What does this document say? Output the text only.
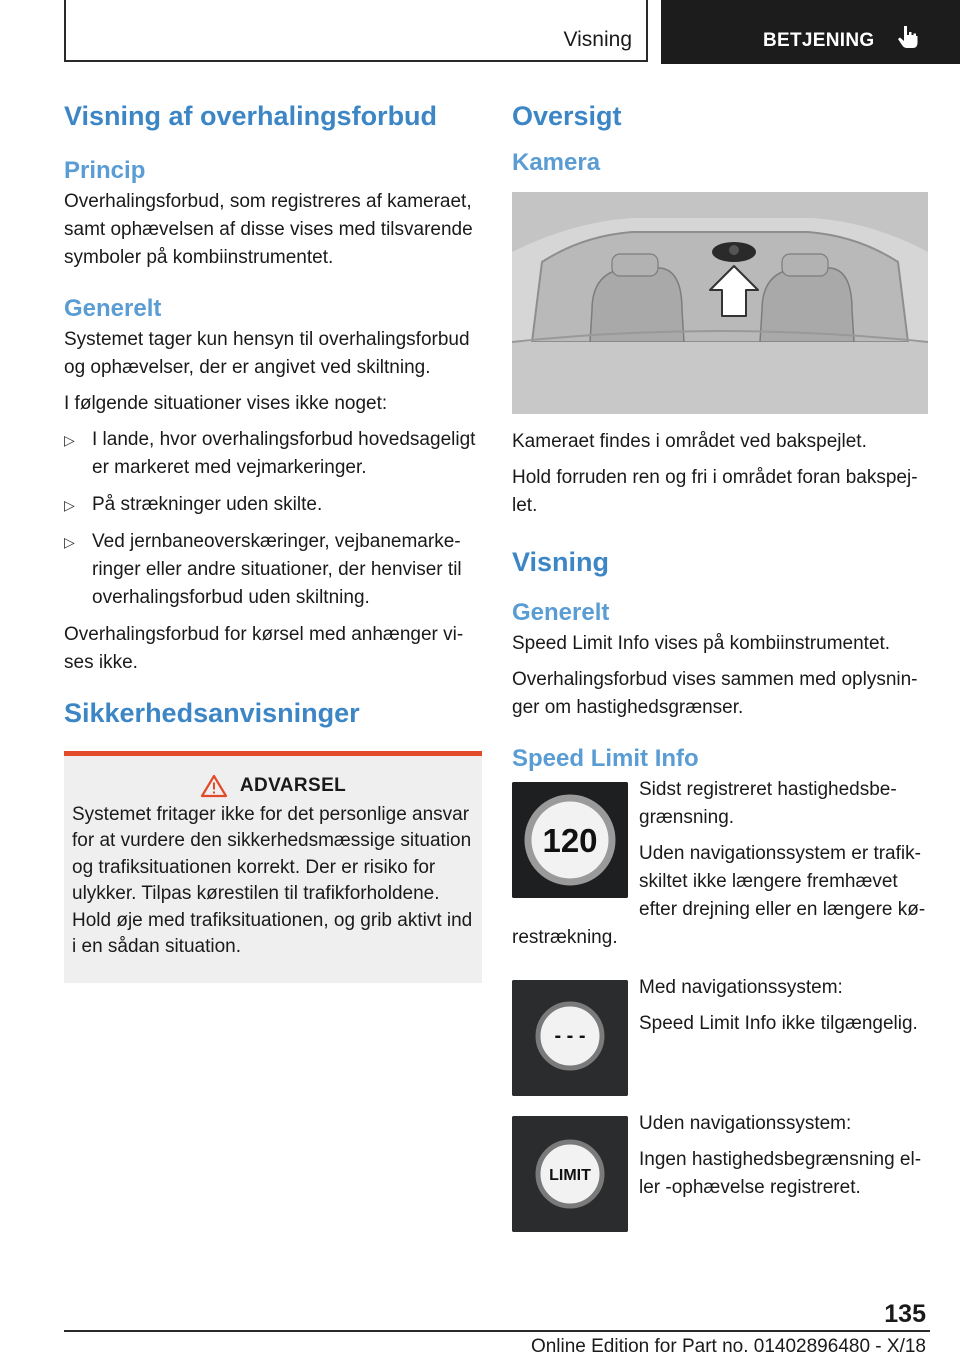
Visning	BETJENING
Visning af overhalingsforbud
Princip

Overhalingsforbud, som registreres af kameraet, samt ophævelsen af disse vises med tilsvarende symboler på kombiinstrumentet.

Generelt

Systemet tager kun hensyn til overhalingsforbud og ophævelser, der er angivet ved skiltning.

I følgende situationer vises ikke noget:

▷ I lande, hvor overhalingsforbud hovedsageligt er markeret med vejmarkeringer.
▷ På strækninger uden skilte.
▷ Ved jernbaneoverskæringer, vejbanemarke-ringer eller andre situationer, der henviser til overhalingsforbud uden skiltning.

Overhalingsforbud for kørsel med anhænger vi-ses ikke.

Sikkerhedsanvisninger
ADVARSEL

Systemet fritager ikke for det personlige ansvar for at vurdere den sikkerhedsmæssige situation og trafiksituationen korrekt. Der er risiko for ulykker. Tilpas kørestilen til trafikforholdene. Hold øje med trafiksituationen, og grib aktivt ind i en sådan situation.

Oversigt
Kamera

Kameraet findes i området ved bakspejlet.

Hold forruden ren og fri i området foran bakspej-let.

Visning
Generelt

Speed Limit Info vises på kombiinstrumentet.

Overhalingsforbud vises sammen med oplysnin-ger om hastighedsgrænser.

Speed Limit Info
120

Sidst registreret hastighedsbe-grænsning.

Uden navigationssystem er trafik-skiltet ikke længere fremhævet efter drejning eller en længere kø-restrækning.

- - -

Med navigationssystem:

Speed Limit Info ikke tilgængelig.

LIMIT

Uden navigationssystem:

Ingen hastighedsbegrænsning el-ler -ophævelse registreret.

135
Online Edition for Part no. 01402896480 - X/18
